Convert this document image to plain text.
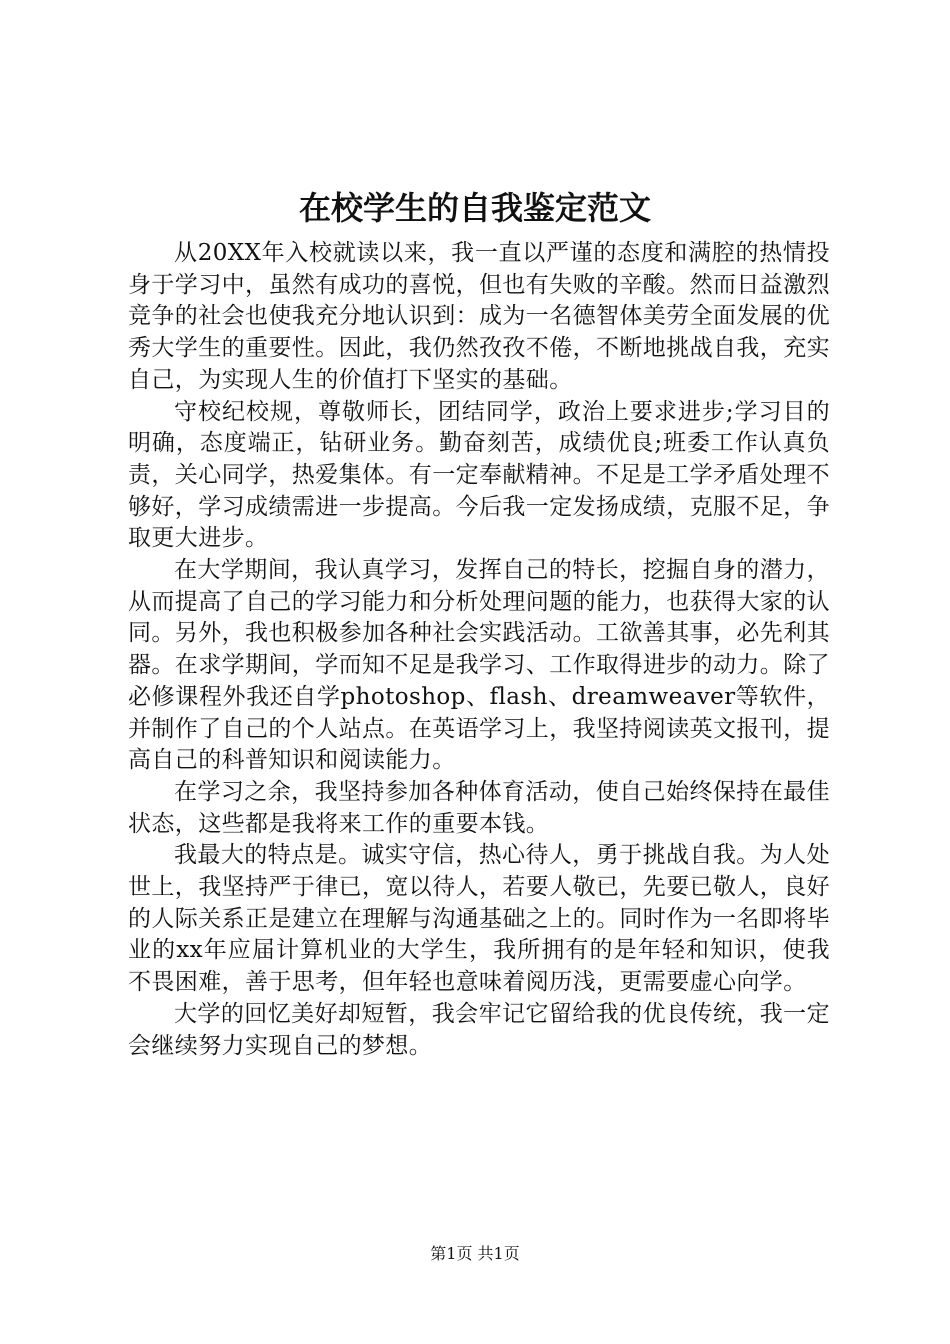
在校学生的自我鉴定范文

从20XX年入校就读以来，我一直以严谨的态度和满腔的热情投身于学习中，虽然有成功的喜悦，但也有失败的辛酸。然而日益激烈竞争的社会也使我充分地认识到：成为一名德智体美劳全面发展的优秀大学生的重要性。因此，我仍然孜孜不倦，不断地挑战自我，充实自己，为实现人生的价值打下坚实的基础。

守校纪校规，尊敬师长，团结同学，政治上要求进步;学习目的明确，态度端正，钻研业务。勤奋刻苦，成绩优良;班委工作认真负责，关心同学，热爱集体。有一定奉献精神。不足是工学矛盾处理不够好，学习成绩需进一步提高。今后我一定发扬成绩，克服不足，争取更大进步。

在大学期间，我认真学习，发挥自己的特长，挖掘自身的潜力，从而提高了自己的学习能力和分析处理问题的能力，也获得大家的认同。另外，我也积极参加各种社会实践活动。工欲善其事，必先利其器。在求学期间，学而知不足是我学习、工作取得进步的动力。除了必修课程外我还自学photoshop、flash、dreamweaver等软件，并制作了自己的个人站点。在英语学习上，我坚持阅读英文报刊，提高自己的科普知识和阅读能力。

在学习之余，我坚持参加各种体育活动，使自己始终保持在最佳状态，这些都是我将来工作的重要本钱。

我最大的特点是。诚实守信，热心待人，勇于挑战自我。为人处世上，我坚持严于律已，宽以待人，若要人敬已，先要已敬人，良好的人际关系正是建立在理解与沟通基础之上的。同时作为一名即将毕业的xx年应届计算机业的大学生，我所拥有的是年轻和知识，使我不畏困难，善于思考，但年轻也意味着阅历浅，更需要虚心向学。

大学的回忆美好却短暂，我会牢记它留给我的优良传统，我一定会继续努力实现自己的梦想。

第1页 共1页
